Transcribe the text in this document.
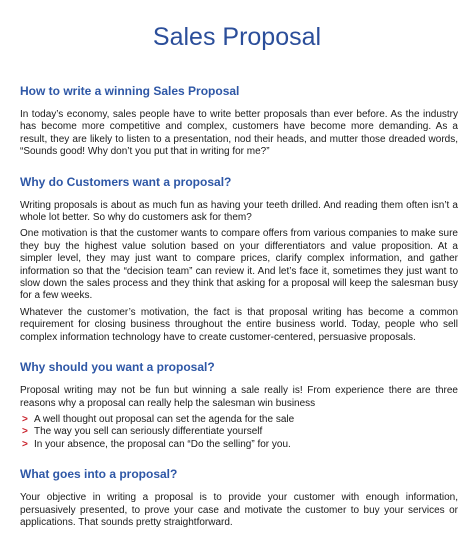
Sales Proposal
How to write a winning Sales Proposal
In today’s economy, sales people have to write better proposals than ever before. As the industry has become more competitive and complex, customers have become more demanding. As a result, they are likely to listen to a presentation, nod their heads, and mutter those dreaded words, “Sounds good! Why don’t you put that in writing for me?”
Why do Customers want a proposal?
Writing proposals is about as much fun as having your teeth drilled. And reading them often isn’t a whole lot better. So why do customers ask for them?
One motivation is that the customer wants to compare offers from various companies to make sure they buy the highest value solution based on your differentiators and value proposition. At a simpler level, they may just want to compare prices, clarify complex information, and gather information so that the “decision team” can review it. And let’s face it, sometimes they just want to slow down the sales process and they think that asking for a proposal will keep the salesman busy for a few weeks.
Whatever the customer’s motivation, the fact is that proposal writing has become a common requirement for closing business throughout the entire business world. Today, people who sell complex information technology have to create customer-centered, persuasive proposals.
Why should you want a proposal?
Proposal writing may not be fun but winning a sale really is! From experience there are three reasons why a proposal can really help the salesman win business
> A well thought out proposal can set the agenda for the sale
> The way you sell can seriously differentiate yourself
> In your absence, the proposal can “Do the selling” for you.
What goes into a proposal?
Your objective in writing a proposal is to provide your customer with enough information, persuasively presented, to prove your case and motivate the customer to buy your services or applications. That sounds pretty straightforward.
